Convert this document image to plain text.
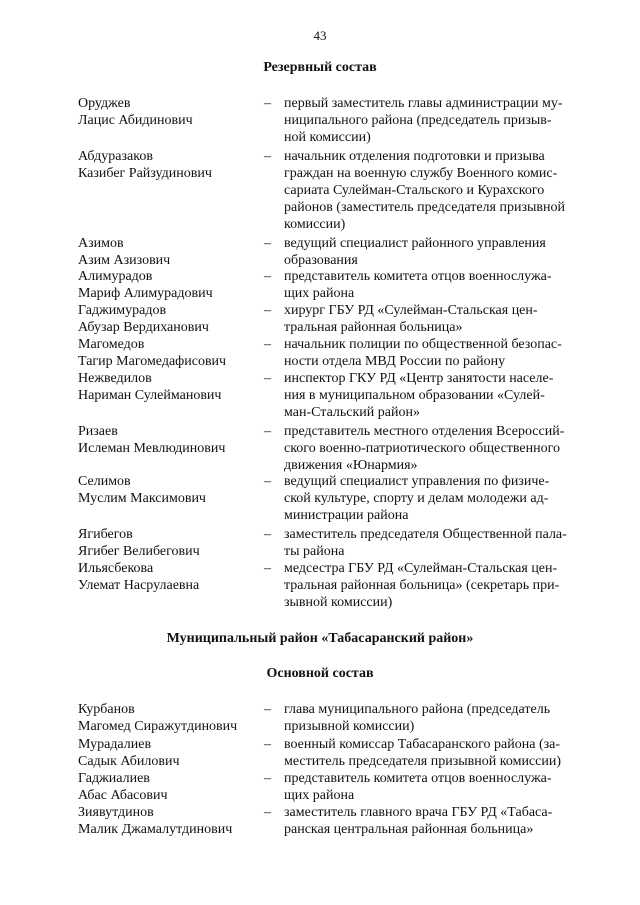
43
Резервный состав
Оруджев
Лацис Абидинович
– первый заместитель главы администрации му-
ниципального района (председатель призыв-
ной комиссии)
Абдуразаков
Казибег Райзудинович
– начальник отделения подготовки и призыва
граждан на военную службу Военного комис-
сариата Сулейман-Стальского и Курахского
районов (заместитель председателя призывной
комиссии)
Азимов
Азим Азизович
– ведущий специалист районного управления
образования
Алимурадов
Мариф Алимурадович
– представитель комитета отцов военнослужа-
щих района
Гаджимурадов
Абузар Вердиханович
– хирург ГБУ РД «Сулейман-Стальская цен-
тральная районная больница»
Магомедов
Тагир Магомедафисович
– начальник полиции по общественной безопас-
ности отдела МВД России по району
Нежведилов
Нариман Сулейманович
– инспектор ГКУ РД «Центр занятости населе-
ния в муниципальном образовании «Сулей-
ман-Стальский район»
Ризаев
Ислеман Мевлюдинович
– представитель местного отделения Всероссий-
ского военно-патриотического общественного
движения «Юнармия»
Селимов
Муслим Максимович
– ведущий специалист управления по физиче-
ской культуре, спорту и делам молодежи ад-
министрации района
Ягибегов
Ягибег Велибегович
– заместитель председателя Общественной пала-
ты района
Ильясбекова
Улемат Насрулаевна
– медсестра ГБУ РД «Сулейман-Стальская цен-
тральная районная больница» (секретарь при-
зывной комиссии)
Муниципальный район «Табасаранский район»
Основной состав
Курбанов
Магомед Сиражутдинович
– глава муниципального района (председатель
призывной комиссии)
Мурадалиев
Садык Абилович
– военный комиссар Табасаранского района (за-
меститель председателя призывной комиссии)
Гаджиалиев
Абас Абасович
– представитель комитета отцов военнослужа-
щих района
Зиявутдинов
Малик Джамалутдинович
– заместитель главного врача ГБУ РД «Табаса-
ранская центральная районная больница»
